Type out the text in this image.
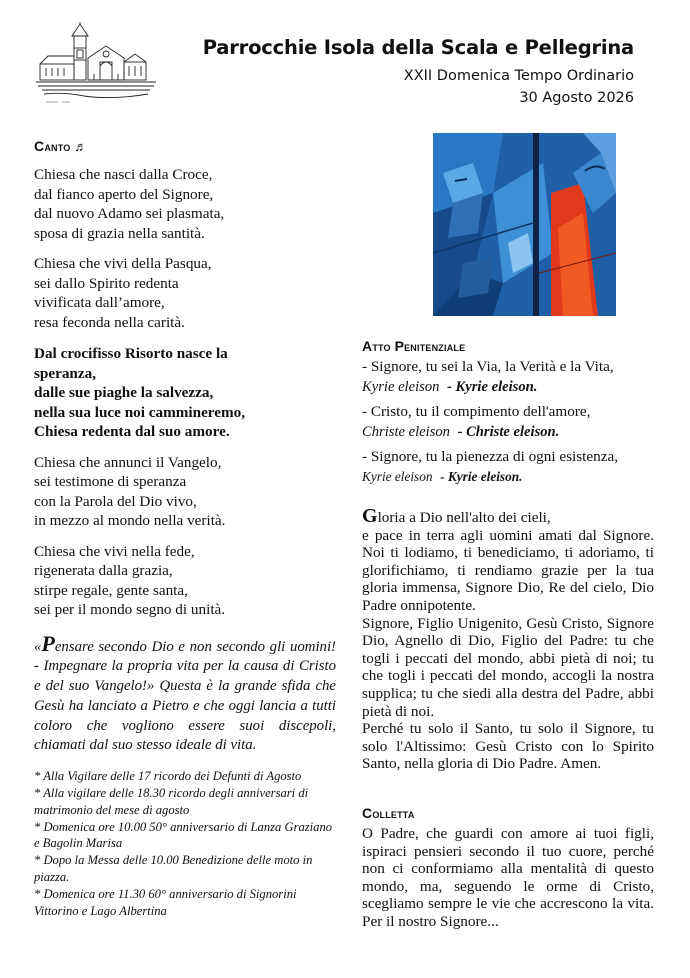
Parrocchie Isola della Scala e Pellegrina
XXII Domenica Tempo Ordinario
30 Agosto 2026
Canto ♬
Chiesa che nasci dalla Croce,
dal fianco aperto del Signore,
dal nuovo Adamo sei plasmata,
sposa di grazia nella santità.
Chiesa che vivi della Pasqua,
sei dallo Spirito redenta
vivificata dall’amore,
resa feconda nella carità.
Dal crocifisso Risorto nasce la
speranza,
dalle sue piaghe la salvezza,
nella sua luce noi cammineremo,
Chiesa redenta dal suo amore.
Chiesa che annunci il Vangelo,
sei testimone di speranza
con la Parola del Dio vivo,
in mezzo al mondo nella verità.
Chiesa che vivi nella fede,
rigenerata dalla grazia,
stirpe regale, gente santa,
sei per il mondo segno di unità.
«Pensare secondo Dio e non secondo gli uomini! - Impegnare la propria vita per la causa di Cristo e del suo Vangelo!» Questa è la grande sfida che Gesù ha lanciato a Pietro e che oggi lancia a tutti coloro che vogliono essere suoi discepoli, chiamati dal suo stesso ideale di vita.
* Alla Vigilare delle 17 ricordo dei Defunti di Agosto
* Alla vigilare delle 18.30 ricordo degli anniversari di matrimonio del mese di agosto
* Domenica ore 10.00 50° anniversario di Lanza Graziano e Bagolin Marisa
* Dopo la Messa delle 10.00 Benedizione delle moto in piazza.
* Domenica ore 11.30 60° anniversario di Signorini Vittorino e Lago Albertina
Atto Penitenziale
- Signore, tu sei la Via, la Verità e la Vita,
Kyrie eleison - Kyrie eleison.
- Cristo, tu il compimento dell'amore,
Christe eleison - Christe eleison.
- Signore, tu la pienezza di ogni esistenza,
Kyrie eleison - Kyrie eleison.

Gloria a Dio nell'alto dei cieli,

e pace in terra agli uomini amati dal Signore. Noi ti lodiamo, ti benediciamo, ti adoriamo, ti glorifichiamo, ti rendiamo grazie per la tua gloria immensa, Signore Dio, Re del cielo, Dio Padre onnipotente.

Signore, Figlio Unigenito, Gesù Cristo, Signore Dio, Agnello di Dio, Figlio del Padre: tu che togli i peccati del mondo, abbi pietà di noi; tu che togli i peccati del mondo, accogli la nostra supplica; tu che siedi alla destra del Padre, abbi pietà di noi.

Perché tu solo il Santo, tu solo il Signore, tu solo l'Altissimo: Gesù Cristo con lo Spirito Santo, nella gloria di Dio Padre. Amen.

Colletta
O Padre, che guardi con amore ai tuoi figli, ispiraci pensieri secondo il tuo cuore, perché non ci conformiamo alla mentalità di questo mondo, ma, seguendo le orme di Cristo, scegliamo sempre le vie che accrescono la vita. Per il nostro Signore...
